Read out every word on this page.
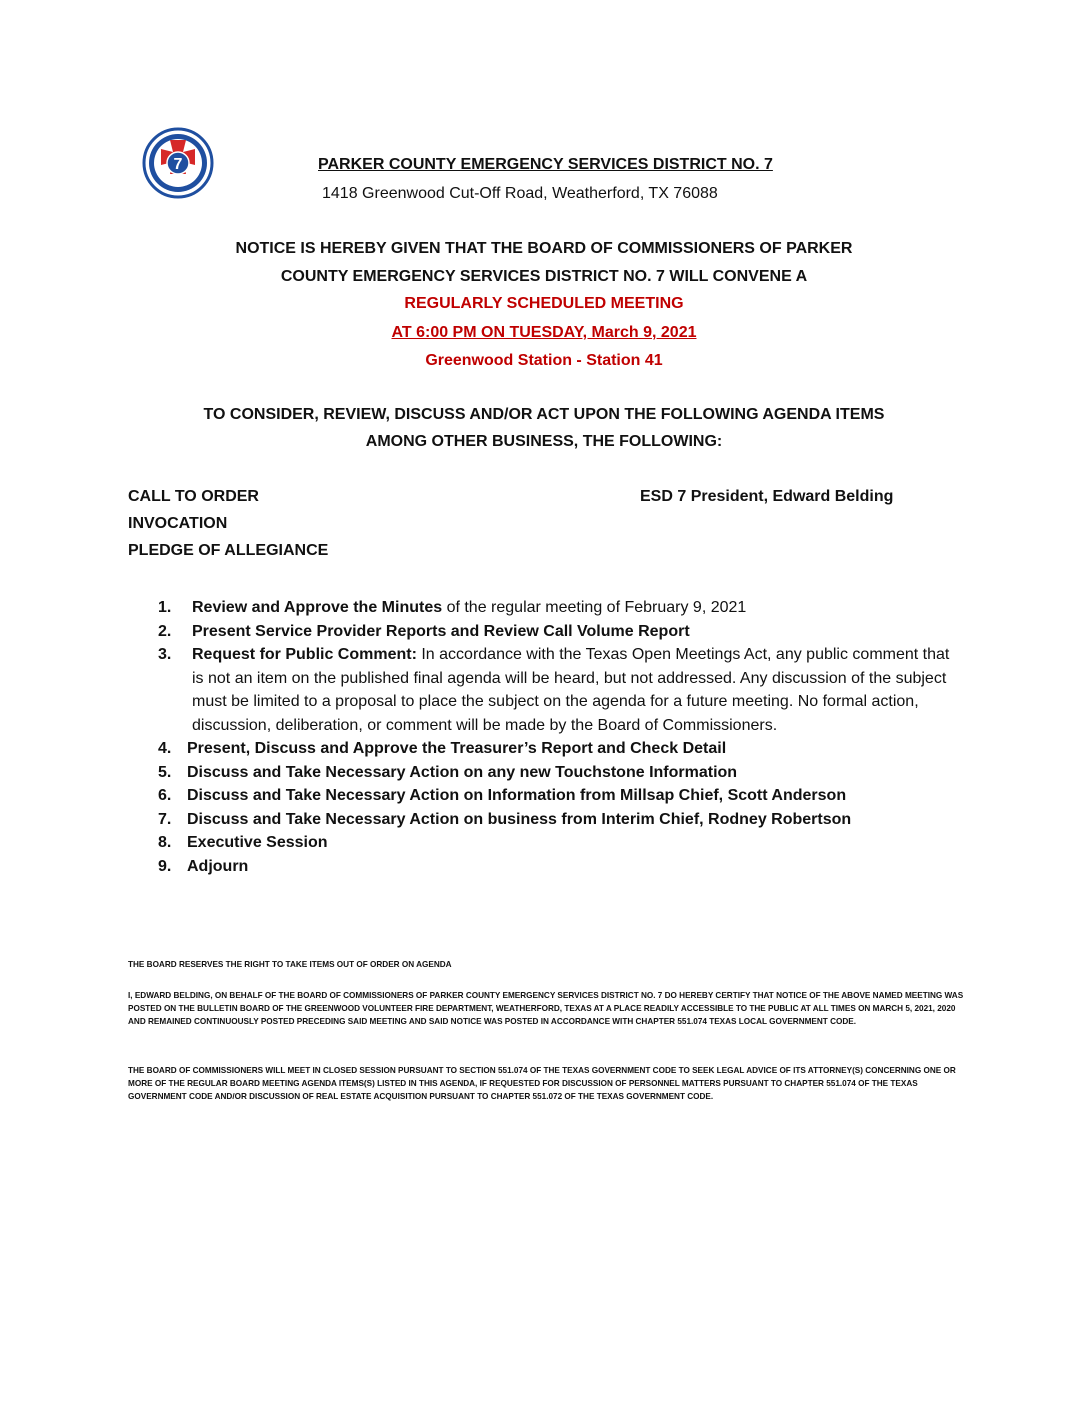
7	PARKER COUNTY EMERGENCY SERVICES DISTRICT NO. 7
1418 Greenwood Cut-Off Road, Weatherford, TX 76088
NOTICE IS HEREBY GIVEN THAT THE BOARD OF COMMISSIONERS OF PARKER
COUNTY EMERGENCY SERVICES DISTRICT NO. 7 WILL CONVENE A
REGULARLY SCHEDULED MEETING
AT 6:00 PM ON TUESDAY, March 9, 2021
Greenwood Station - Station 41
TO CONSIDER, REVIEW, DISCUSS AND/OR ACT UPON THE FOLLOWING AGENDA ITEMS
AMONG OTHER BUSINESS, THE FOLLOWING:
CALL TO ORDER
INVOCATION
PLEDGE OF ALLEGIANCE
ESD 7 President, Edward Belding
1. Review and Approve the Minutes of the regular meeting of February 9, 2021
2. Present Service Provider Reports and Review Call Volume Report
3. Request for Public Comment: In accordance with the Texas Open Meetings Act, any public comment that is not an item on the published final agenda will be heard, but not addressed. Any discussion of the subject must be limited to a proposal to place the subject on the agenda for a future meeting. No formal action, discussion, deliberation, or comment will be made by the Board of Commissioners.
4. Present, Discuss and Approve the Treasurer’s Report and Check Detail
5. Discuss and Take Necessary Action on any new Touchstone Information
6. Discuss and Take Necessary Action on Information from Millsap Chief, Scott Anderson
7. Discuss and Take Necessary Action on business from Interim Chief, Rodney Robertson
8. Executive Session
9. Adjourn
THE BOARD RESERVES THE RIGHT TO TAKE ITEMS OUT OF ORDER ON AGENDA
I, EDWARD BELDING, ON BEHALF OF THE BOARD OF COMMISSIONERS OF PARKER COUNTY EMERGENCY SERVICES DISTRICT NO. 7 DO HEREBY CERTIFY THAT NOTICE OF THE ABOVE NAMED MEETING WAS POSTED ON THE BULLETIN BOARD OF THE GREENWOOD VOLUNTEER FIRE DEPARTMENT, WEATHERFORD, TEXAS AT A PLACE READILY ACCESSIBLE TO THE PUBLIC AT ALL TIMES ON MARCH 5, 2021, 2020 AND REMAINED CONTINUOUSLY POSTED PRECEDING SAID MEETING AND SAID NOTICE WAS POSTED IN ACCORDANCE WITH CHAPTER 551.074 TEXAS LOCAL GOVERNMENT CODE.
THE BOARD OF COMMISSIONERS WILL MEET IN CLOSED SESSION PURSUANT TO SECTION 551.074 OF THE TEXAS GOVERNMENT CODE TO SEEK LEGAL ADVICE OF ITS ATTORNEY(S) CONCERNING ONE OR MORE OF THE REGULAR BOARD MEETING AGENDA ITEMS(S) LISTED IN THIS AGENDA, IF REQUESTED FOR DISCUSSION OF PERSONNEL MATTERS PURSUANT TO CHAPTER 551.074 OF THE TEXAS GOVERNMENT CODE AND/OR DISCUSSION OF REAL ESTATE ACQUISITION PURSUANT TO CHAPTER 551.072 OF THE TEXAS GOVERNMENT CODE.
